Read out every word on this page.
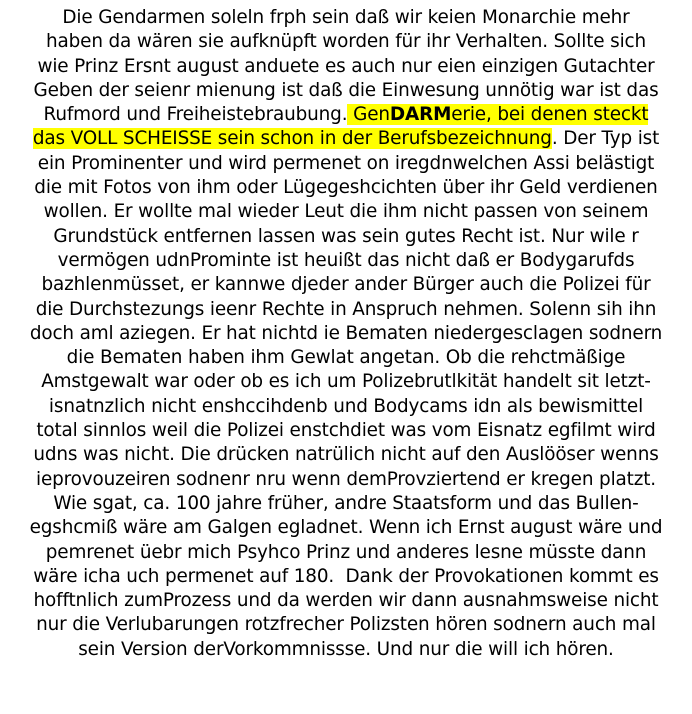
Die Gendarmen soleln frph sein daß wir keien Monarchie mehr
haben da wären sie aufknüpft worden für ihr Verhalten. Sollte sich
wie Prinz Ersnt august anduete es auch nur eien einzigen Gutachter
Geben der seienr mienung ist daß die Einwesung unnötig war ist das
Rufmord und Freiheistebraubung. GenDARMerie, bei denen steckt
das VOLL SCHEISSE sein schon in der Berufsbezeichnung. Der Typ ist
ein Prominenter und wird permenet on iregdnwelchen Assi belästigt
die mit Fotos von ihm oder Lügegeshcichten über ihr Geld verdienen
wollen. Er wollte mal wieder Leut die ihm nicht passen von seinem
Grundstück entfernen lassen was sein gutes Recht ist. Nur wile r
vermögen udnProminte ist heuißt das nicht daß er Bodygarufds
bazhlenmüsset, er kannwe djeder ander Bürger auch die Polizei für
die Durchstezungs ieenr Rechte in Anspruch nehmen. Solenn sih ihn
doch aml aziegen. Er hat nichtd ie Bematen niedergesclagen sodnern
die Bematen haben ihm Gewlat angetan. Ob die rehctmäßige
Amstgewalt war oder ob es ich um Polizebrutlkität handelt sit letzt-
isnatnzlich nicht enshccihdenb und Bodycams idn als bewismittel
total sinnlos weil die Polizei enstchdiet was vom Eisnatz egfilmt wird
udns was nicht. Die drücken natrülich nicht auf den Auslööser wenns
ieprovouzeiren sodnenr nru wenn demProvziertend er kregen platzt.
Wie sgat, ca. 100 jahre früher, andre Staatsform und das Bullen-
egshcmiß wäre am Galgen egladnet. Wenn ich Ernst august wäre und
pemrenet üebr mich Psyhco Prinz und anderes lesne müsste dann
wäre icha uch permenet auf 180.  Dank der Provokationen kommt es
hofftnlich zumProzess und da werden wir dann ausnahmsweise nicht
nur die Verlubarungen rotzfrecher Polizsten hören sodnern auch mal
sein Version derVorkommnissse. Und nur die will ich hören.
